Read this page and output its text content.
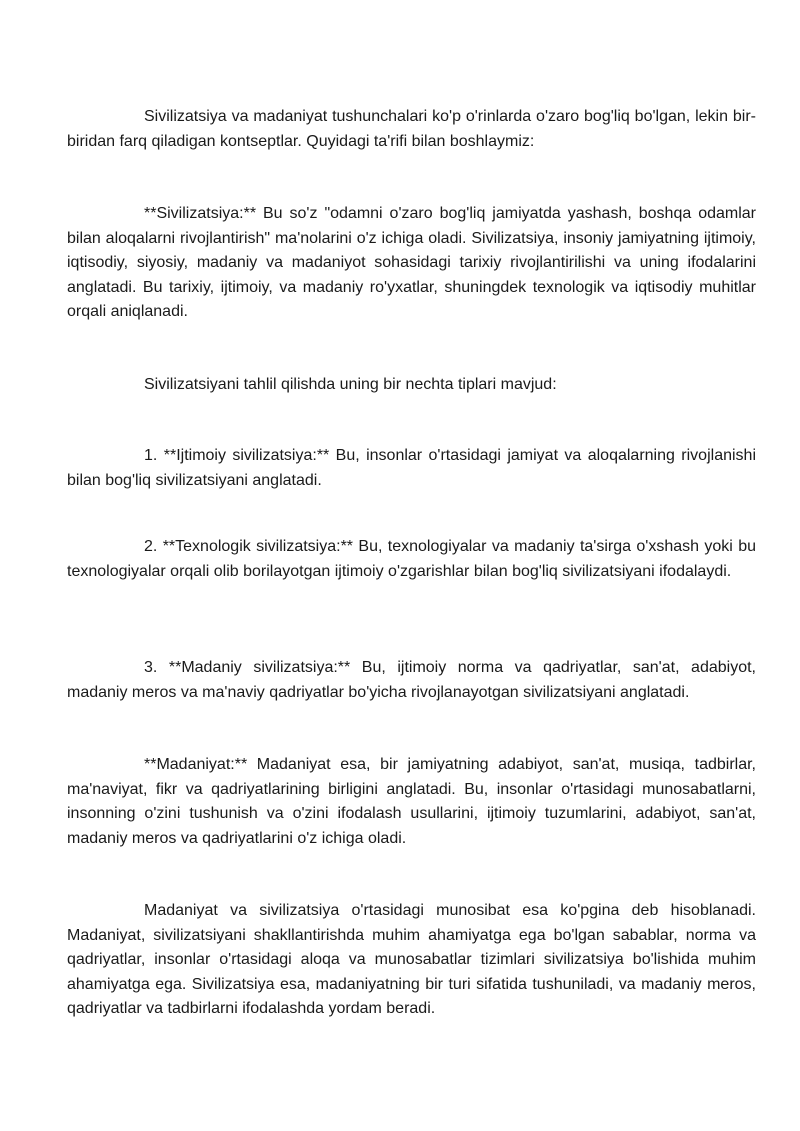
Sivilizatsiya va madaniyat tushunchalari ko'p o'rinlarda o'zaro bog'liq bo'lgan, lekin bir-biridan farq qiladigan kontseptlar. Quyidagi ta'rifi bilan boshlaymiz:

**Sivilizatsiya:** Bu so'z "odamni o'zaro bog'liq jamiyatda yashash, boshqa odamlar bilan aloqalarni rivojlantirish" ma'nolarini o'z ichiga oladi. Sivilizatsiya, insoniy jamiyatning ijtimoiy, iqtisodiy, siyosiy, madaniy va madaniyot sohasidagi tarixiy rivojlantirilishi va uning ifodalarini anglatadi. Bu tarixiy, ijtimoiy, va madaniy ro'yxatlar, shuningdek texnologik va iqtisodiy muhitlar orqali aniqlanadi.

Sivilizatsiyani tahlil qilishda uning bir nechta tiplari mavjud:

1. **Ijtimoiy sivilizatsiya:** Bu, insonlar o'rtasidagi jamiyat va aloqalarning rivojlanishi bilan bog'liq sivilizatsiyani anglatadi.

2. **Texnologik sivilizatsiya:** Bu, texnologiyalar va madaniy ta'sirga o'xshash yoki bu texnologiyalar orqali olib borilayotgan ijtimoiy o'zgarishlar bilan bog'liq sivilizatsiyani ifodalaydi.

3. **Madaniy sivilizatsiya:** Bu, ijtimoiy norma va qadriyatlar, san'at, adabiyot, madaniy meros va ma'naviy qadriyatlar bo'yicha rivojlanayotgan sivilizatsiyani anglatadi.

**Madaniyat:** Madaniyat esa, bir jamiyatning adabiyot, san'at, musiqa, tadbirlar, ma'naviyat, fikr va qadriyatlarining birligini anglatadi. Bu, insonlar o'rtasidagi munosabatlarni, insonning o'zini tushunish va o'zini ifodalash usullarini, ijtimoiy tuzumlarini, adabiyot, san'at, madaniy meros va qadriyatlarini o'z ichiga oladi.

Madaniyat va sivilizatsiya o'rtasidagi munosibat esa ko'pgina deb hisoblanadi. Madaniyat, sivilizatsiyani shakllantirishda muhim ahamiyatga ega bo'lgan sabablar, norma va qadriyatlar, insonlar o'rtasidagi aloqa va munosabatlar tizimlari sivilizatsiya bo'lishida muhim ahamiyatga ega. Sivilizatsiya esa, madaniyatning bir turi sifatida tushuniladi, va madaniy meros, qadriyatlar va tadbirlarni ifodalashda yordam beradi.
